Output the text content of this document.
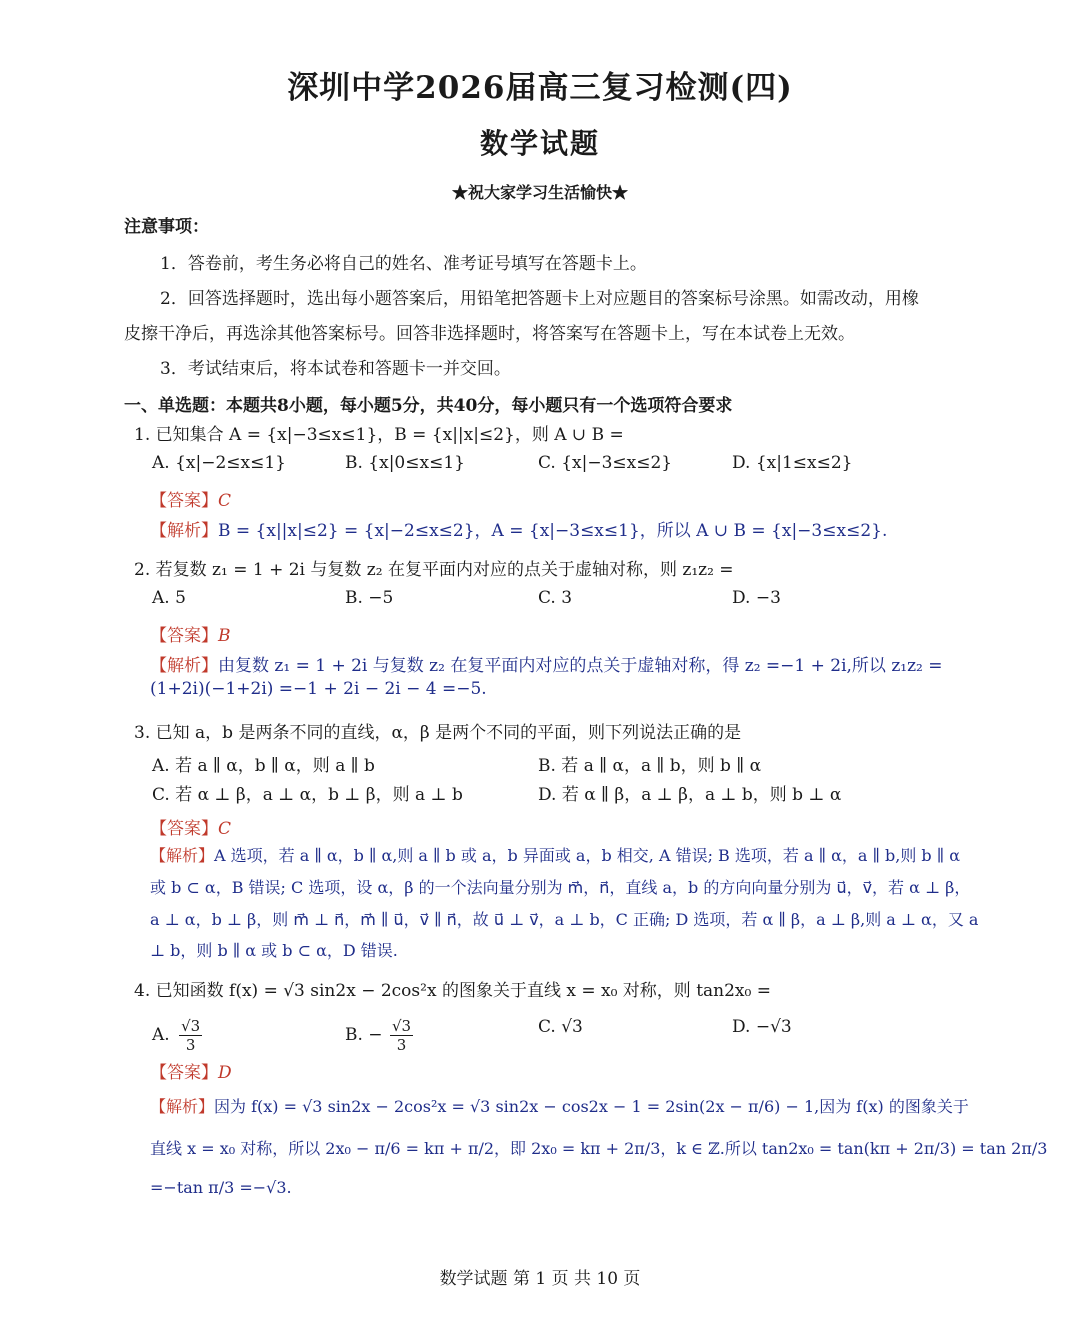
深圳中学2026届高三复习检测(四)
数学试题
★祝大家学习生活愉快★
注意事项：
1．答卷前，考生务必将自己的姓名、准考证号填写在答题卡上。
2．回答选择题时，选出每小题答案后，用铅笔把答题卡上对应题目的答案标号涂黑。如需改动，用橡
皮擦干净后，再选涂其他答案标号。回答非选择题时，将答案写在答题卡上，写在本试卷上无效。
3．考试结束后，将本试卷和答题卡一并交回。
一、单选题：本题共8小题，每小题5分，共40分，每小题只有一个选项符合要求
1. 已知集合 A = {x|−3≤x≤1}，B = {x||x|≤2}，则 A ∪ B =
A. {x|−2≤x≤1}	B. {x|0≤x≤1}	C. {x|−3≤x≤2}	D. {x|1≤x≤2}
【答案】C
【解析】B = {x||x|≤2} = {x|−2≤x≤2}，A = {x|−3≤x≤1}，所以 A ∪ B = {x|−3≤x≤2}.
2. 若复数 z₁ = 1 + 2i 与复数 z₂ 在复平面内对应的点关于虚轴对称，则 z₁z₂ =
A. 5	B. −5	C. 3	D. −3
【答案】B
【解析】由复数 z₁ = 1 + 2i 与复数 z₂ 在复平面内对应的点关于虚轴对称，得 z₂ =−1 + 2i,所以 z₁z₂ =
(1+2i)(−1+2i) =−1 + 2i − 2i − 4 =−5.
3. 已知 a，b 是两条不同的直线，α，β 是两个不同的平面，则下列说法正确的是
A. 若 a ∥ α，b ∥ α，则 a ∥ b	B. 若 a ∥ α，a ∥ b，则 b ∥ α
C. 若 α ⊥ β，a ⊥ α，b ⊥ β，则 a ⊥ b	D. 若 α ∥ β，a ⊥ β，a ⊥ b，则 b ⊥ α
【答案】C
【解析】A 选项，若 a ∥ α，b ∥ α,则 a ∥ b 或 a，b 异面或 a，b 相交, A 错误; B 选项，若 a ∥ α，a ∥ b,则 b ∥ α
或 b ⊂ α，B 错误; C 选项，设 α，β 的一个法向量分别为 m⃗，n⃗，直线 a，b 的方向向量分别为 u⃗，v⃗，若 α ⊥ β，
a ⊥ α，b ⊥ β，则 m⃗ ⊥ n⃗，m⃗ ∥ u⃗，v⃗ ∥ n⃗，故 u⃗ ⊥ v⃗，a ⊥ b，C 正确; D 选项，若 α ∥ β，a ⊥ β,则 a ⊥ α，又 a
⊥ b，则 b ∥ α 或 b ⊂ α，D 错误.
4. 已知函数 f(x) = √3 sin2x − 2cos²x 的图象关于直线 x = x₀ 对称，则 tan2x₀ =
A. $\frac{√3}{3}$	B. − $\frac{√3}{3}$	C. √3	D. −√3
【答案】D
【解析】因为 f(x) = √3 sin2x − 2cos²x = √3 sin2x − cos2x − 1 = 2sin(2x − π/6) − 1,因为 f(x) 的图象关于
直线 x = x₀ 对称，所以 2x₀ − π/6 = kπ + π/2，即 2x₀ = kπ + 2π/3，k ∈ ℤ.所以 tan2x₀ = tan(kπ + 2π/3) = tan 2π/3
=−tan π/3 =−√3.
数学试题 第 1 页 共 10 页
